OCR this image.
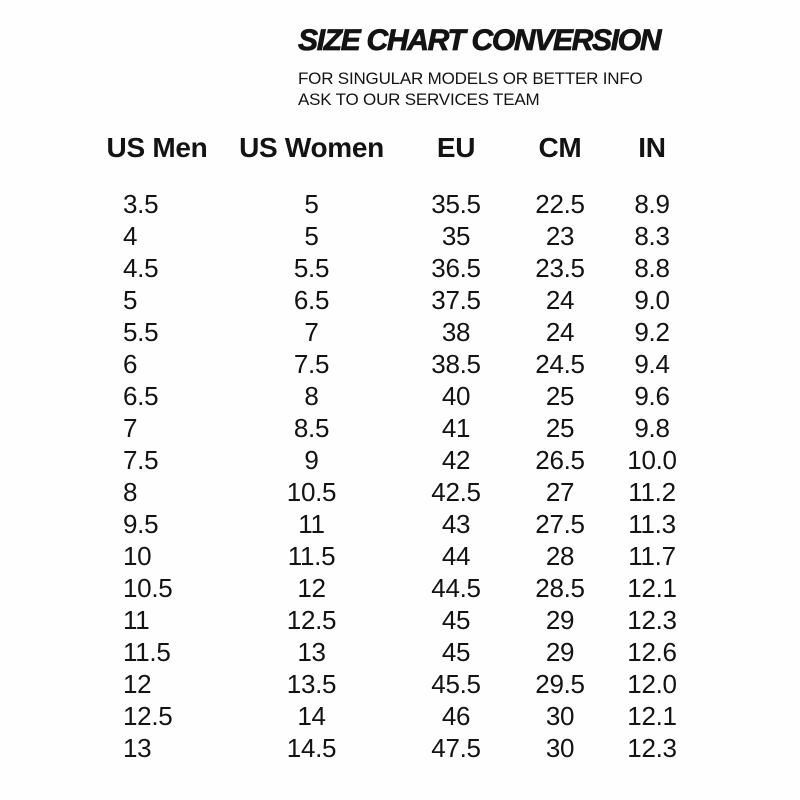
SIZE CHART CONVERSION

FOR SINGULAR MODELS OR BETTER INFO

ASK TO OUR SERVICES TEAM

US Men	US Women	EU	CM	IN
3.5	5	35.5	22.5	8.9
4	5	35	23	8.3
4.5	5.5	36.5	23.5	8.8
5	6.5	37.5	24	9.0
5.5	7	38	24	9.2
6	7.5	38.5	24.5	9.4
6.5	8	40	25	9.6
7	8.5	41	25	9.8
7.5	9	42	26.5	10.0
8	10.5	42.5	27	11.2
9.5	11	43	27.5	11.3
10	11.5	44	28	11.7
10.5	12	44.5	28.5	12.1
11	12.5	45	29	12.3
11.5	13	45	29	12.6
12	13.5	45.5	29.5	12.0
12.5	14	46	30	12.1
13	14.5	47.5	30	12.3
